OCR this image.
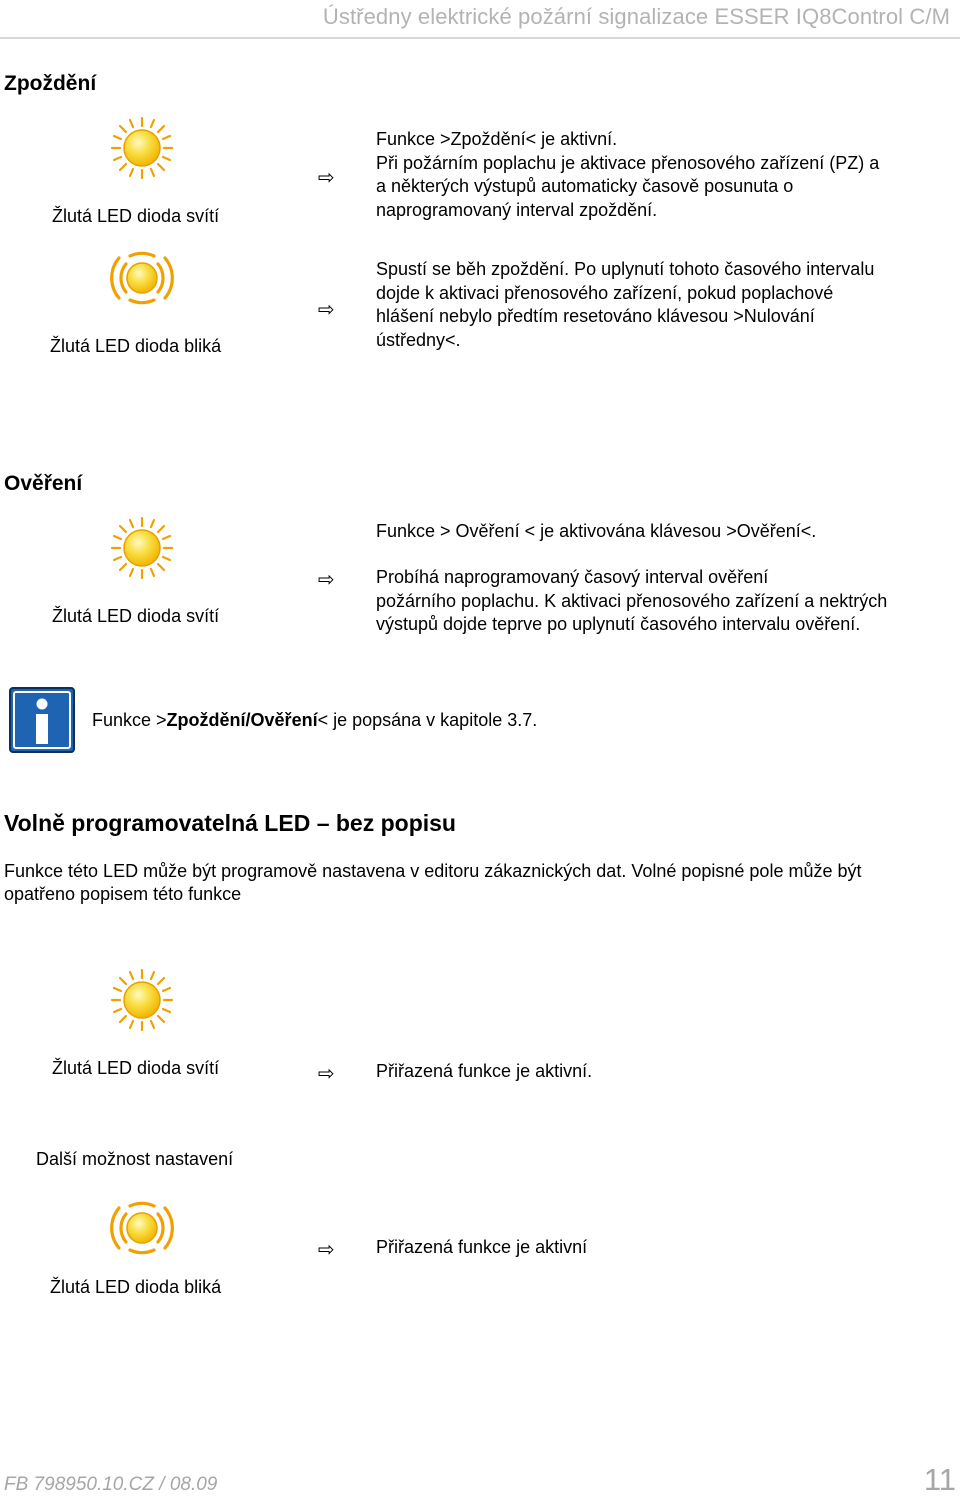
Ústředny elektrické požární signalizace ESSER IQ8Control C/M
Zpoždění
Žlutá LED dioda svítí
⇨

Funkce >Zpoždění< je aktivní.

Při požárním poplachu je aktivace přenosového zařízení (PZ) a

a některých výstupů automaticky časově posunuta o

naprogramovaný interval zpoždění.

Žlutá LED dioda bliká
⇨

Spustí se běh zpoždění. Po uplynutí tohoto časového intervalu

dojde k aktivaci přenosového zařízení, pokud poplachové

hlášení nebylo předtím resetováno klávesou >Nulování

ústředny<.

Ověření
Žlutá LED dioda svítí
Funkce > Ověření < je aktivována klávesou >Ověření<.
⇨ Probíhá naprogramovaný časový interval ověření

požárního poplachu. K aktivaci přenosového zařízení a nektrých

výstupů dojde teprve po uplynutí časového intervalu ověření.

Funkce >Zpoždění/Ověření< je popsána v kapitole 3.7.
Volně programovatelná LED – bez popisu
Funkce této LED může být programově nastavena v editoru zákaznických dat. Volné popisné pole může být
opatřeno popisem této funkce
Žlutá LED dioda svítí	⇨ Přiřazená funkce je aktivní.
Další možnost nastavení
⇨ Přiřazená funkce je aktivní
Žlutá LED dioda bliká
FB 798950.10.CZ / 08.09	11
